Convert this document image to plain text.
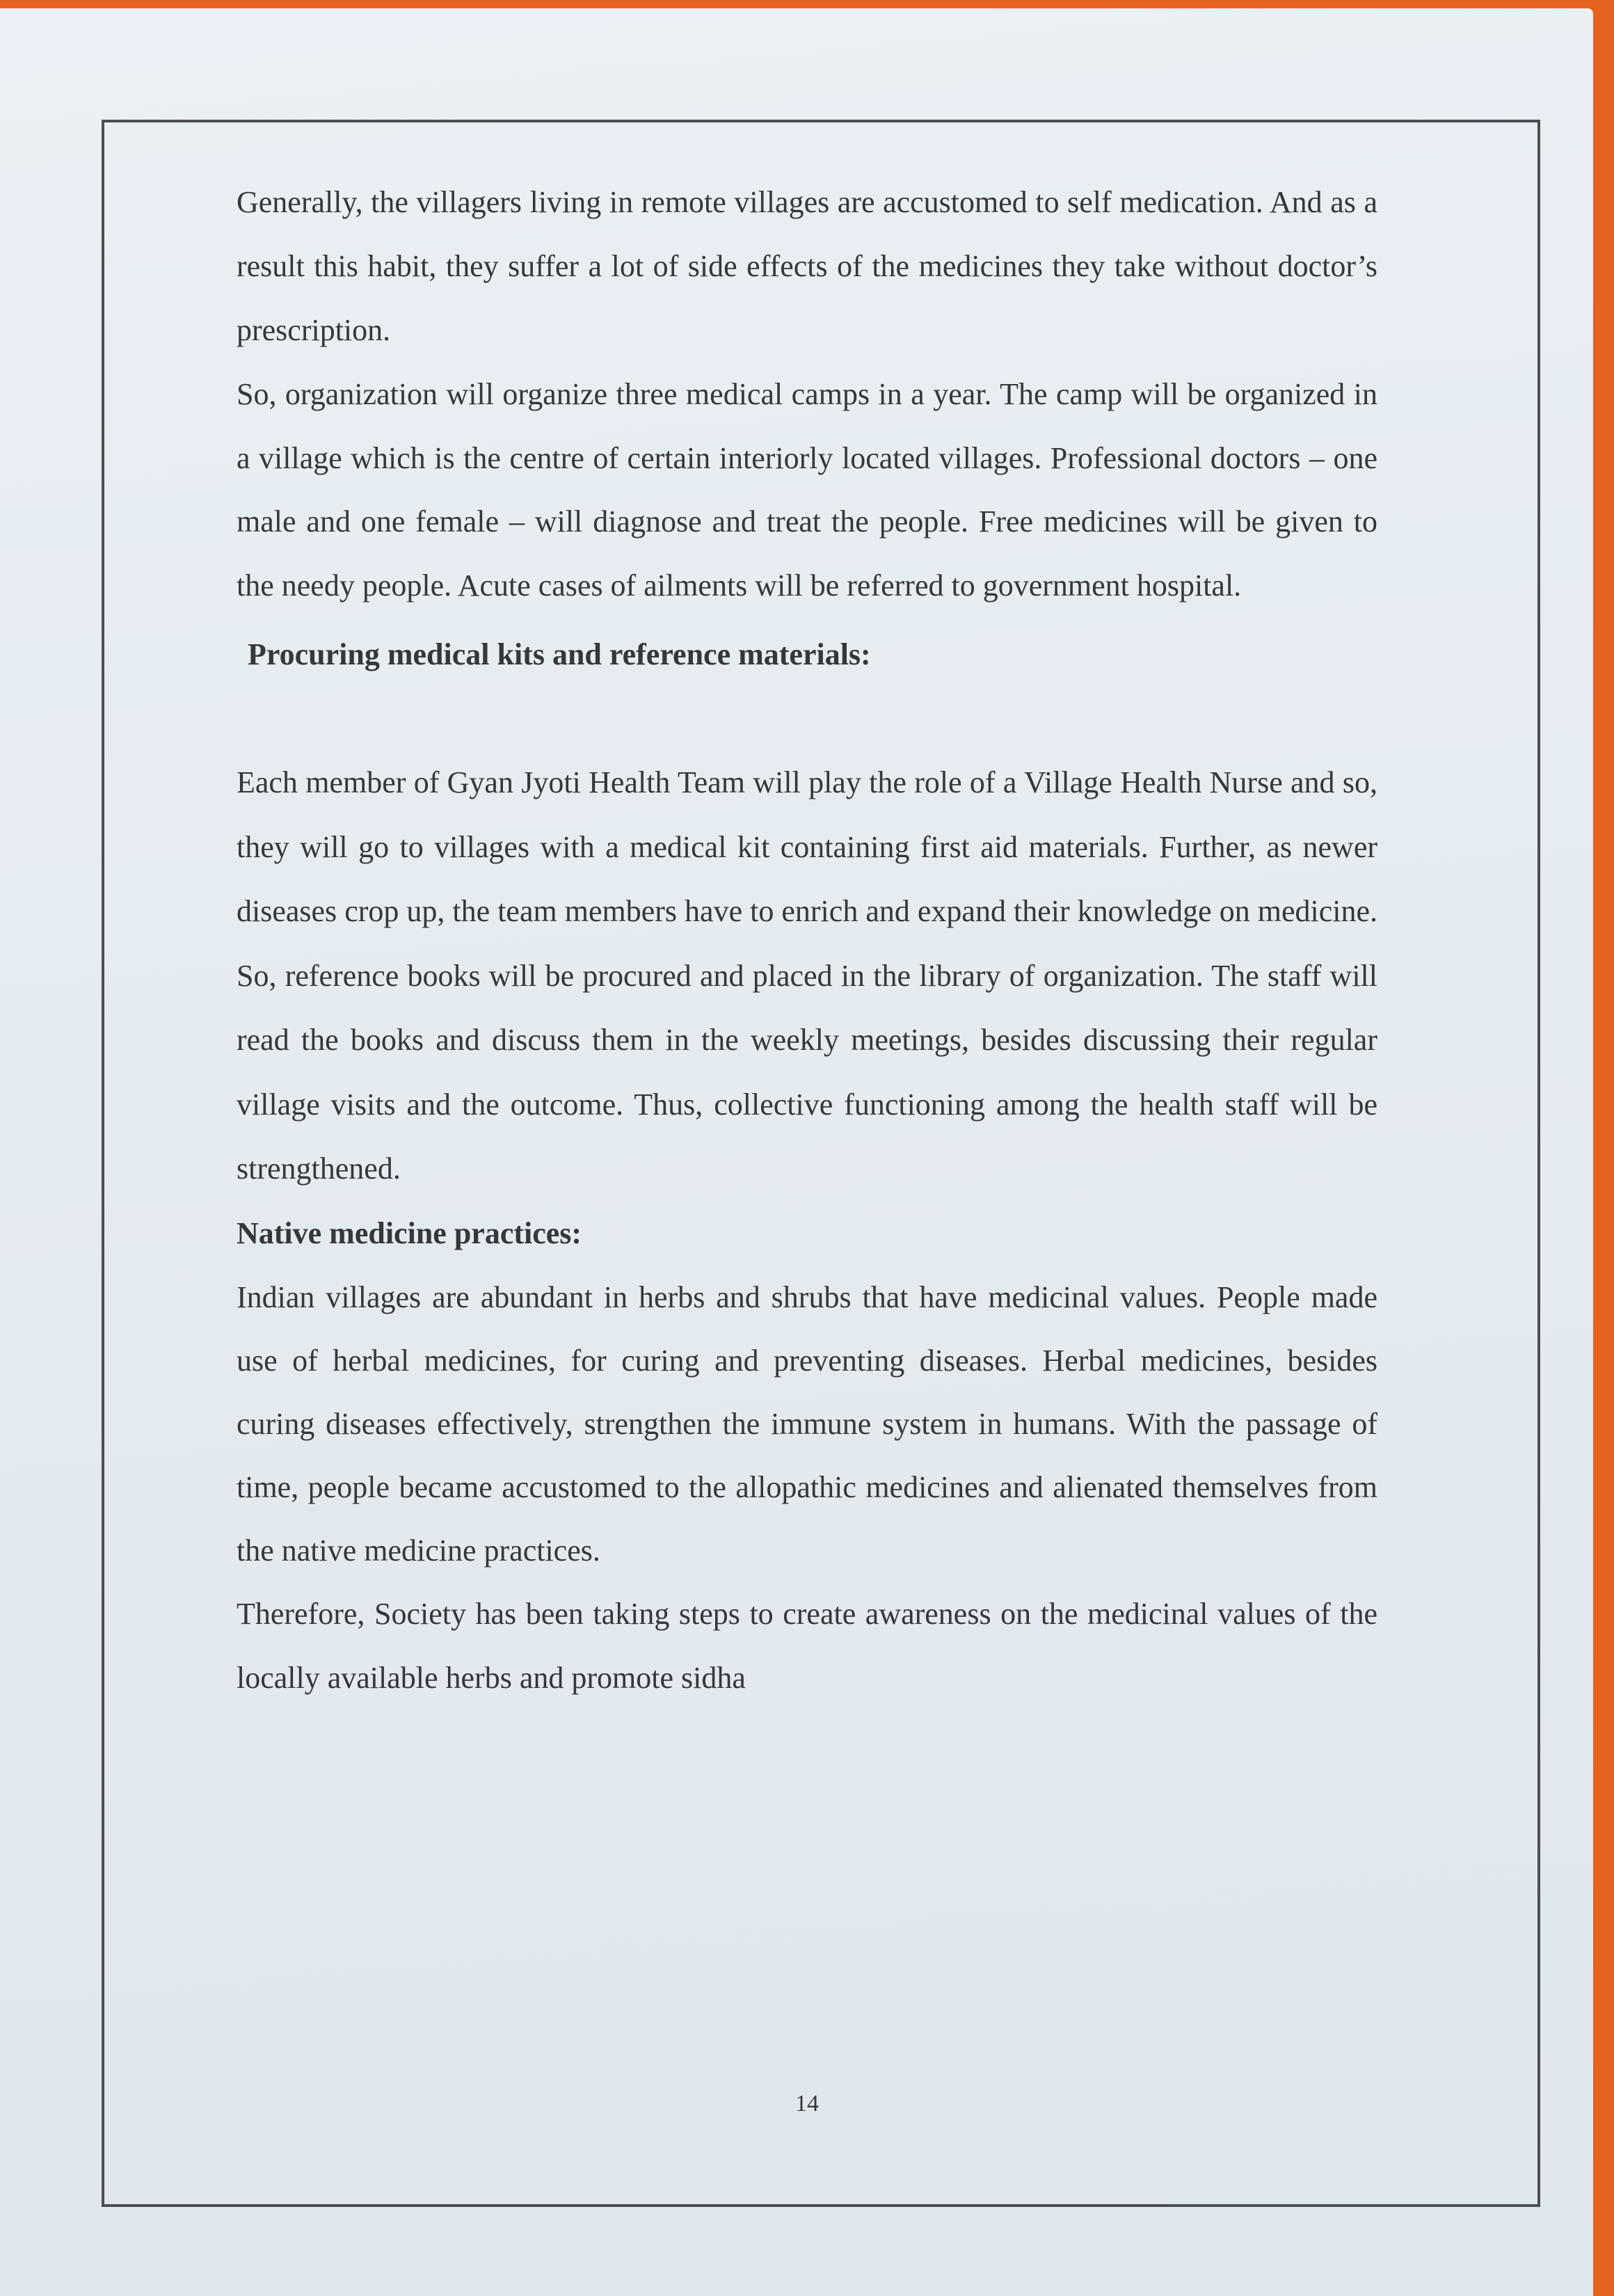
Generally, the villagers living in remote villages are accustomed to self medication. And as a result this habit, they suffer a lot of side effects of the medicines they take without doctor’s prescription.

So, organization will organize three medical camps in a year. The camp will be organized in a village which is the centre of certain interiorly located villages. Professional doctors – one male and one female – will diagnose and treat the people. Free medicines will be given to the needy people. Acute cases of ailments will be referred to government hospital.

Procuring medical kits and reference materials:

Each member of Gyan Jyoti Health Team will play the role of a Village Health Nurse and so, they will go to villages with a medical kit containing first aid materials. Further, as newer diseases crop up, the team members have to enrich and expand their knowledge on medicine. So, reference books will be procured and placed in the library of organization. The staff will read the books and discuss them in the weekly meetings, besides discussing their regular village visits and the outcome. Thus, collective functioning among the health staff will be strengthened.

Native medicine practices:

Indian villages are abundant in herbs and shrubs that have medicinal values. People made use of herbal medicines, for curing and preventing diseases. Herbal medicines, besides curing diseases effectively, strengthen the immune system in humans. With the passage of time, people became accustomed to the allopathic medicines and alienated themselves from the native medicine practices.

Therefore, Society has been taking steps to create awareness on the medicinal values of the locally available herbs and promote sidha

14
